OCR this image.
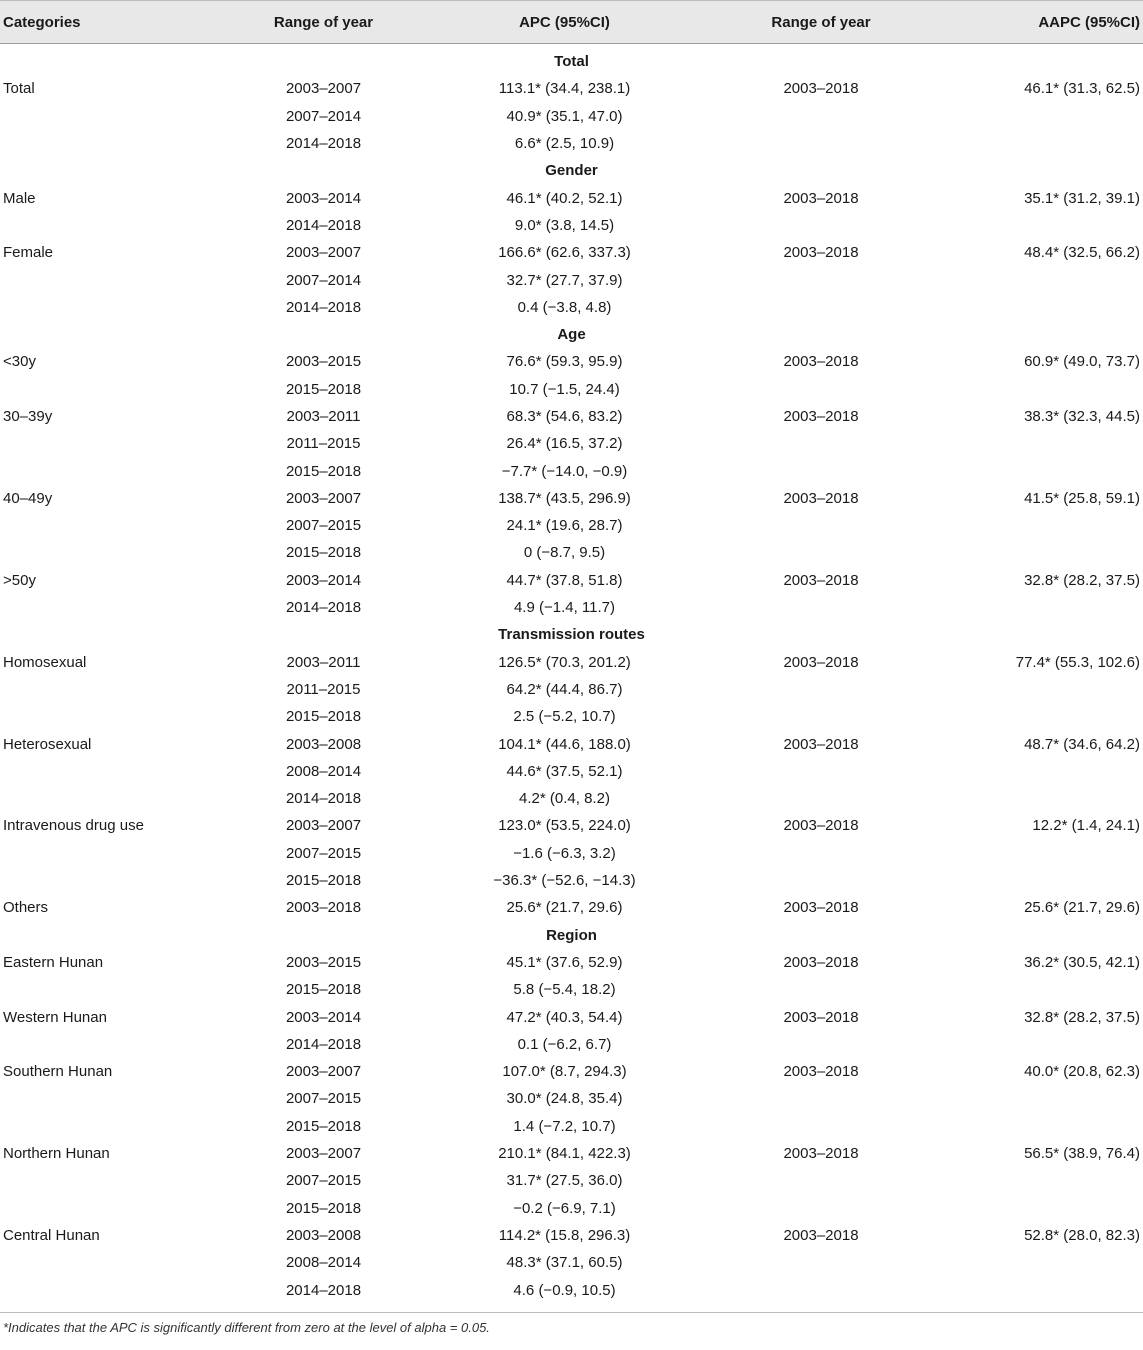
Categories	Range of year	APC (95%CI)	Range of year	AAPC (95%CI)
Total				
Total	2003–2007	113.1* (34.4, 238.1)	2003–2018	46.1* (31.3, 62.5)
	2007–2014	40.9* (35.1, 47.0)		
	2014–2018	6.6* (2.5, 10.9)		
Gender				
Male	2003–2014	46.1* (40.2, 52.1)	2003–2018	35.1* (31.2, 39.1)
	2014–2018	9.0* (3.8, 14.5)		
Female	2003–2007	166.6* (62.6, 337.3)	2003–2018	48.4* (32.5, 66.2)
	2007–2014	32.7* (27.7, 37.9)		
	2014–2018	0.4 (−3.8, 4.8)		
Age				
<30y	2003–2015	76.6* (59.3, 95.9)	2003–2018	60.9* (49.0, 73.7)
	2015–2018	10.7 (−1.5, 24.4)		
30–39y	2003–2011	68.3* (54.6, 83.2)	2003–2018	38.3* (32.3, 44.5)
	2011–2015	26.4* (16.5, 37.2)		
	2015–2018	−7.7* (−14.0, −0.9)		
40–49y	2003–2007	138.7* (43.5, 296.9)	2003–2018	41.5* (25.8, 59.1)
	2007–2015	24.1* (19.6, 28.7)		
	2015–2018	0 (−8.7, 9.5)		
>50y	2003–2014	44.7* (37.8, 51.8)	2003–2018	32.8* (28.2, 37.5)
	2014–2018	4.9 (−1.4, 11.7)		
Transmission routes				
Homosexual	2003–2011	126.5* (70.3, 201.2)	2003–2018	77.4* (55.3, 102.6)
	2011–2015	64.2* (44.4, 86.7)		
	2015–2018	2.5 (−5.2, 10.7)		
Heterosexual	2003–2008	104.1* (44.6, 188.0)	2003–2018	48.7* (34.6, 64.2)
	2008–2014	44.6* (37.5, 52.1)		
	2014–2018	4.2* (0.4, 8.2)		
Intravenous drug use	2003–2007	123.0* (53.5, 224.0)	2003–2018	12.2* (1.4, 24.1)
	2007–2015	−1.6 (−6.3, 3.2)		
	2015–2018	−36.3* (−52.6, −14.3)		
Others	2003–2018	25.6* (21.7, 29.6)	2003–2018	25.6* (21.7, 29.6)
Region				
Eastern Hunan	2003–2015	45.1* (37.6, 52.9)	2003–2018	36.2* (30.5, 42.1)
	2015–2018	5.8 (−5.4, 18.2)		
Western Hunan	2003–2014	47.2* (40.3, 54.4)	2003–2018	32.8* (28.2, 37.5)
	2014–2018	0.1 (−6.2, 6.7)		
Southern Hunan	2003–2007	107.0* (8.7, 294.3)	2003–2018	40.0* (20.8, 62.3)
	2007–2015	30.0* (24.8, 35.4)		
	2015–2018	1.4 (−7.2, 10.7)		
Northern Hunan	2003–2007	210.1* (84.1, 422.3)	2003–2018	56.5* (38.9, 76.4)
	2007–2015	31.7* (27.5, 36.0)		
	2015–2018	−0.2 (−6.9, 7.1)		
Central Hunan	2003–2008	114.2* (15.8, 296.3)	2003–2018	52.8* (28.0, 82.3)
	2008–2014	48.3* (37.1, 60.5)		
	2014–2018	4.6 (−0.9, 10.5)		
*Indicates that the APC is significantly different from zero at the level of alpha = 0.05.
